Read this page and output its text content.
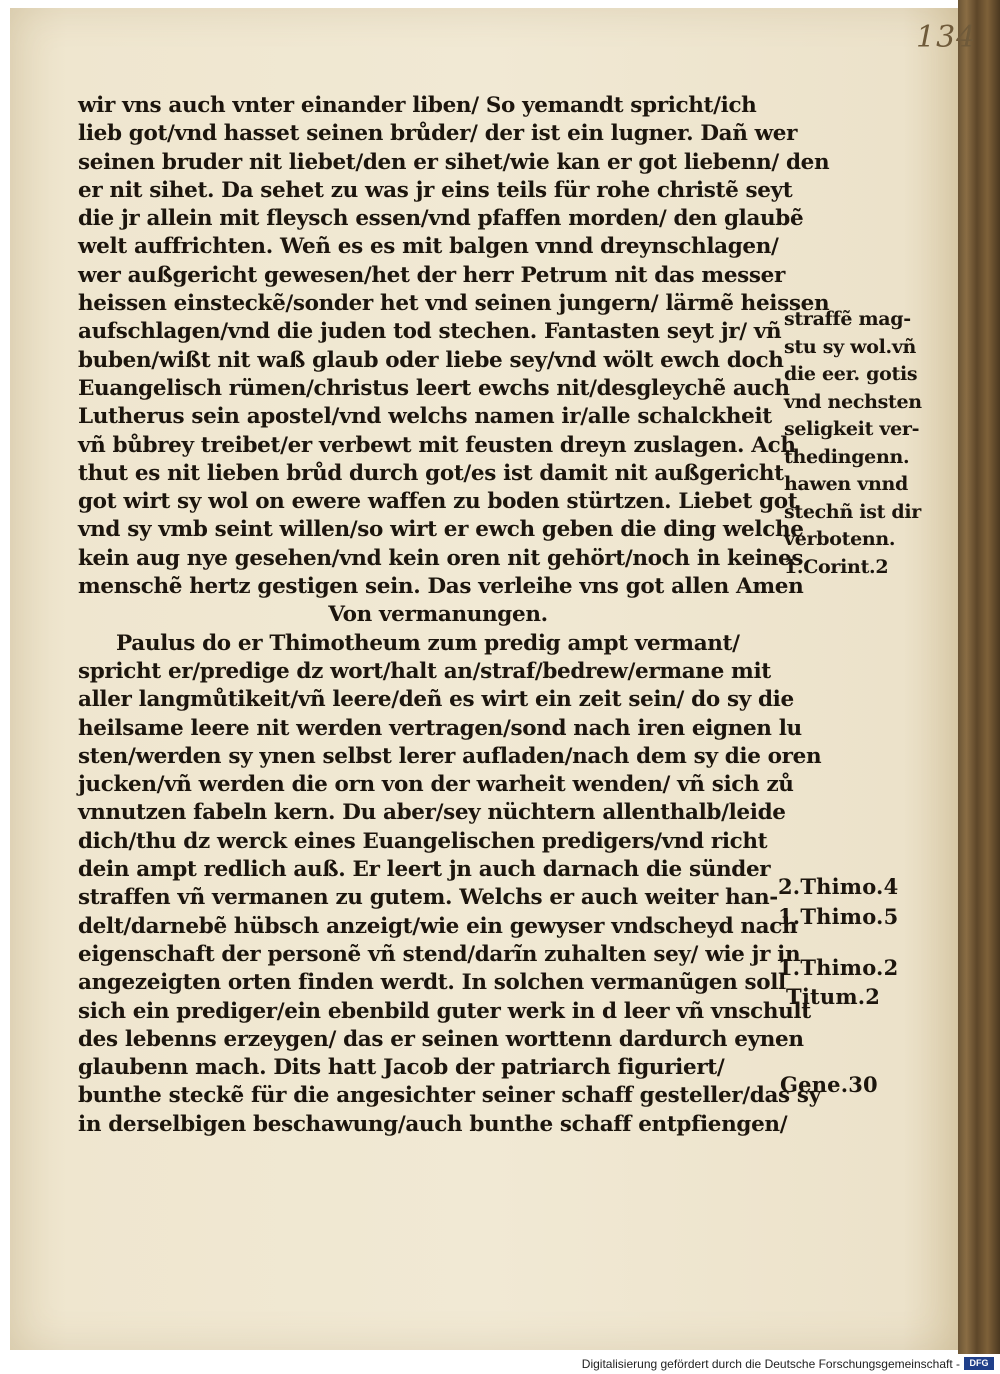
134
wir vns auch vnter einander liben/ So yemandt spricht/ich
lieb got/vnd hasset seinen brůder/ der ist ein lugner. Dañ wer
seinen bruder nit liebet/den er sihet/wie kan er got liebenn/ den
er nit sihet. Da sehet zu was jr eins teils für rohe christẽ seyt
die jr allein mit fleysch essen/vnd pfaffen morden/ den glaubẽ
welt auffrichten. Weñ es es mit balgen vnnd dreynschlagen/
wer außgericht gewesen/het der herr Petrum nit das messer
heissen einsteckẽ/sonder het vnd seinen jungern/ lärmẽ heissen
aufschlagen/vnd die juden tod stechen. Fantasten seyt jr/ vñ
buben/wißt nit waß glaub oder liebe sey/vnd wölt ewch doch
Euangelisch rümen/christus leert ewchs nit/desgleychẽ auch
Lutherus sein apostel/vnd welchs namen ir/alle schalckheit
vñ bůbrey treibet/er verbewt mit feusten dreyn zuslagen. Ach
thut es nit lieben brůd durch got/es ist damit nit außgericht
got wirt sy wol on ewere waffen zu boden stürtzen. Liebet got
vnd sy vmb seint willen/so wirt er ewch geben die ding welche
kein aug nye gesehen/vnd kein oren nit gehört/noch in keines
menschẽ hertz gestigen sein. Das verleihe vns got allen Amen
Von vermanungen.
Paulus do er Thimotheum zum predig ampt vermant/
spricht er/predige dz wort/halt an/straf/bedrew/ermane mit
aller langmůtikeit/vñ leere/deñ es wirt ein zeit sein/ do sy die
heilsame leere nit werden vertragen/sond nach iren eignen lu
sten/werden sy ynen selbst lerer aufladen/nach dem sy die oren
jucken/vñ werden die orn von der warheit wenden/ vñ sich zů
vnnutzen fabeln kern. Du aber/sey nüchtern allenthalb/leide
dich/thu dz werck eines Euangelischen predigers/vnd richt
dein ampt redlich auß. Er leert jn auch darnach die sünder
straffen vñ vermanen zu gutem. Welchs er auch weiter han-
delt/darnebẽ hübsch anzeigt/wie ein gewyser vndscheyd nach
eigenschaft der personẽ vñ stend/darĩn zuhalten sey/ wie jr in
angezeigten orten finden werdt. In solchen vermanũgen soll
sich ein prediger/ein ebenbild guter werk in d leer vñ vnschult
des lebenns erzeygen/ das er seinen worttenn dardurch eynen
glaubenn mach. Dits hatt Jacob der patriarch figuriert/
bunthe steckẽ für die angesichter seiner schaff gesteller/das sy
in derselbigen beschawung/auch bunthe schaff entpfiengen/
straffẽ mag-
stu sy wol.vñ
die eer. gotis
vnd nechsten
seligkeit ver-
thedingenn.
hawen vnnd
stechñ ist dir
verbotenn.
1.Corint.2
2.Thimo.4
1.Thimo.5
1.Thimo.2
Titum.2
Gene.30
Digitalisierung gefördert durch die Deutsche Forschungsgemeinschaft -	DFG
